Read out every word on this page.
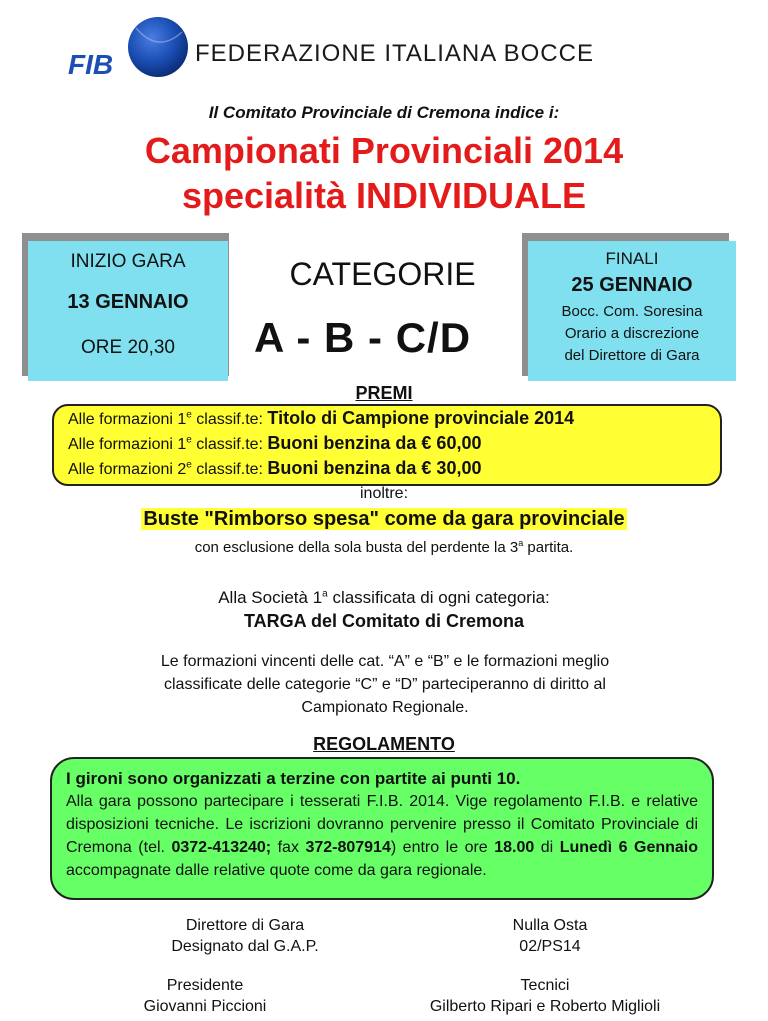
FIB	FEDERAZIONE ITALIANA BOCCE
Il Comitato Provinciale di Cremona indice i:
Campionati Provinciali 2014
specialità INDIVIDUALE
INIZIO GARA
13 GENNAIO
ORE 20,30
CATEGORIE
A - B - C/D
FINALI
25 GENNAIO
Bocc. Com. Soresina
Orario a discrezione
del Direttore di Gara
PREMI
Alle formazioni 1e classif.te: Titolo di Campione provinciale 2014
Alle formazioni 1e classif.te: Buoni benzina da € 60,00
Alle formazioni 2e classif.te: Buoni benzina da € 30,00
inoltre:
Buste "Rimborso spesa" come da gara provinciale
con esclusione della sola busta del perdente la 3$^a$ partita.
Alla Società 1$^a$ classificata di ogni categoria:
TARGA del Comitato di Cremona
Le formazioni vincenti delle cat. “A” e “B” e le formazioni meglio
classificate delle categorie “C” e “D” parteciperanno di diritto al
Campionato Regionale.
REGOLAMENTO
I gironi sono organizzati a terzine con partite ai punti 10.
Alla gara possono partecipare i tesserati F.I.B. 2014. Vige regolamento F.I.B. e relative disposizioni tecniche. Le iscrizioni dovranno pervenire presso il Comitato Provinciale di Cremona (tel. 0372-413240; fax 372-807914) entro le ore 18.00 di Lunedì 6 Gennaio accompagnate dalle relative quote come da gara regionale.
Direttore di Gara
Designato dal G.A.P.
Nulla Osta
02/PS14
Presidente
Giovanni Piccioni
Tecnici
Gilberto Ripari e Roberto Miglioli
